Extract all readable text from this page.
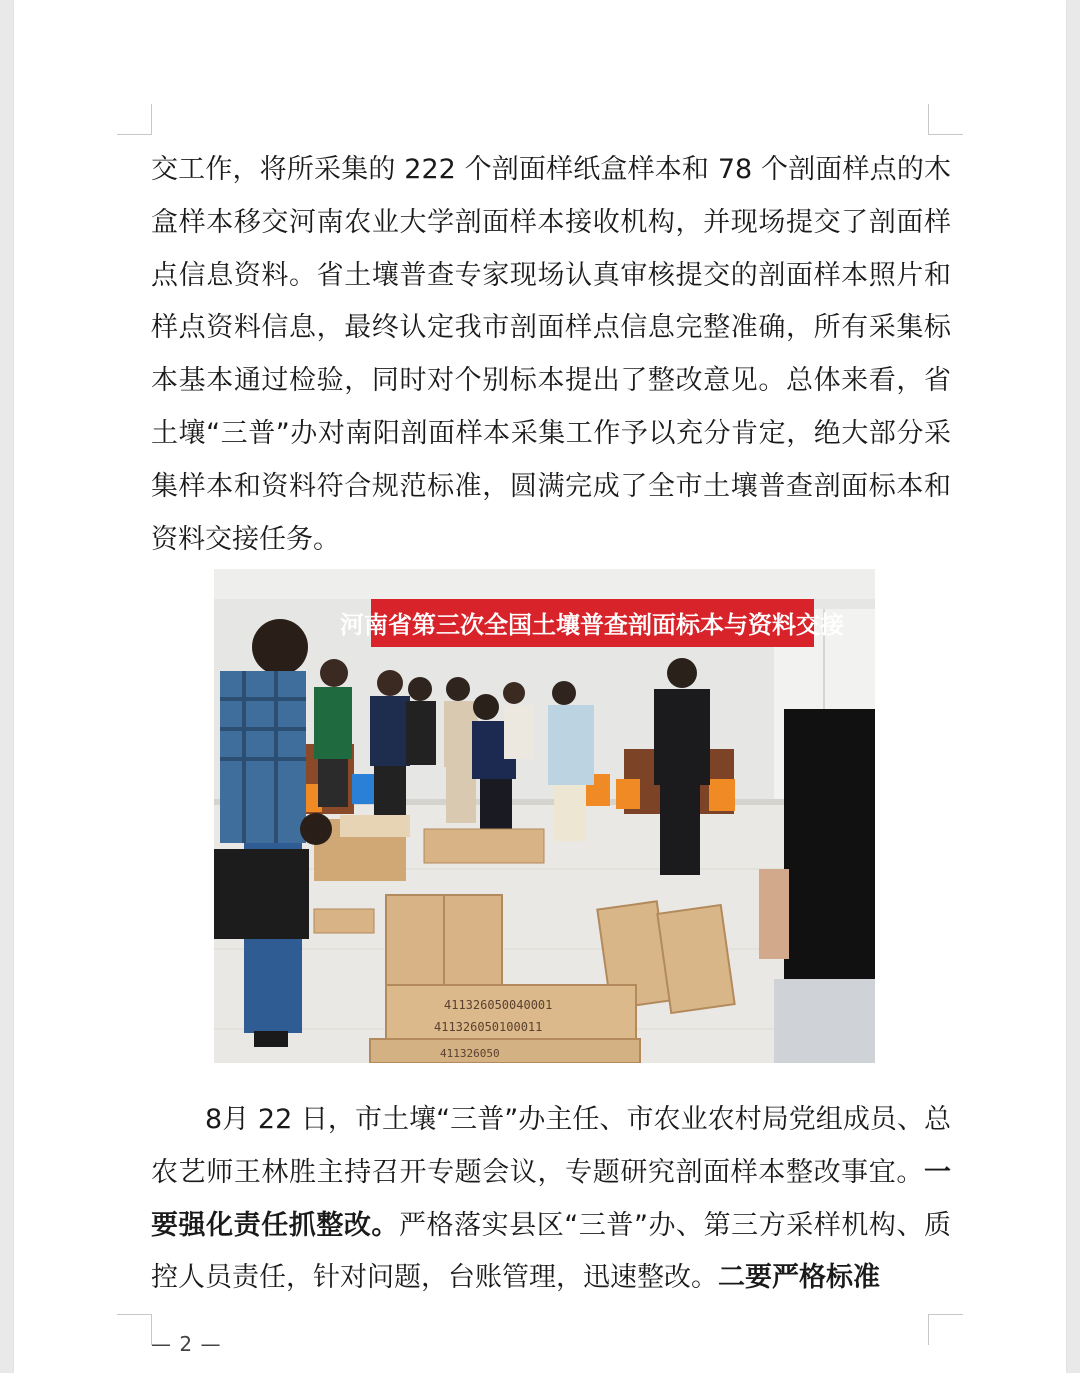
交工作，将所采集的 222 个剖面样纸盒样本和 78 个剖面样点的木盒样本移交河南农业大学剖面样本接收机构，并现场提交了剖面样点信息资料。省土壤普查专家现场认真审核提交的剖面样本照片和样点资料信息，最终认定我市剖面样点信息完整准确，所有采集标本基本通过检验，同时对个别标本提出了整改意见。总体来看，省土壤“三普”办对南阳剖面样本采集工作予以充分肯定，绝大部分采集样本和资料符合规范标准，圆满完成了全市土壤普查剖面标本和资料交接任务。

河南省第三次全国土壤普查剖面标本与资料交接
411326050040001
411326050100011
411326050

8月 22 日，市土壤“三普”办主任、市农业农村局党组成员、总农艺师王林胜主持召开专题会议，专题研究剖面样本整改事宜。一要强化责任抓整改。严格落实县区“三普”办、第三方采样机构、质控人员责任，针对问题，台账管理，迅速整改。二要严格标准

— 2 —
